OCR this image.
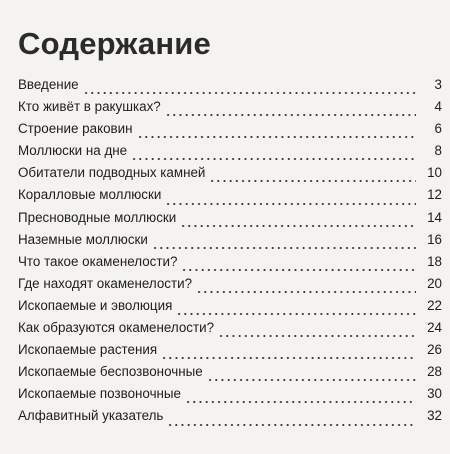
Содержание
Введение	3
Кто живёт в ракушках?	4
Строение раковин	6
Моллюски на дне	8
Обитатели подводных камней	10
Коралловые моллюски	12
Пресноводные моллюски	14
Наземные моллюски	16
Что такое окаменелости?	18
Где находят окаменелости?	20
Ископаемые и эволюция	22
Как образуются окаменелости?	24
Ископаемые растения	26
Ископаемые беспозвоночные	28
Ископаемые позвоночные	30
Алфавитный указатель	32
